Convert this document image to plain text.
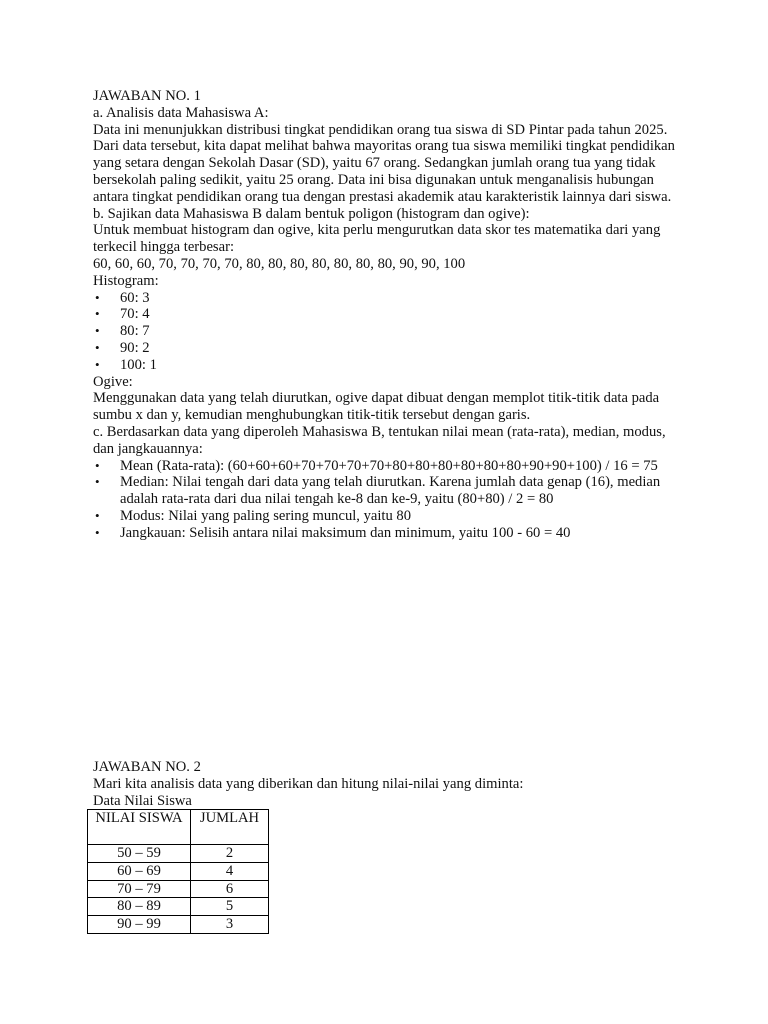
JAWABAN NO. 1

a. Analisis data Mahasiswa A:

Data ini menunjukkan distribusi tingkat pendidikan orang tua siswa di SD Pintar pada tahun 2025. Dari data tersebut, kita dapat melihat bahwa mayoritas orang tua siswa memiliki tingkat pendidikan yang setara dengan Sekolah Dasar (SD), yaitu 67 orang. Sedangkan jumlah orang tua yang tidak bersekolah paling sedikit, yaitu 25 orang. Data ini bisa digunakan untuk menganalisis hubungan antara tingkat pendidikan orang tua dengan prestasi akademik atau karakteristik lainnya dari siswa.

b. Sajikan data Mahasiswa B dalam bentuk poligon (histogram dan ogive):

Untuk membuat histogram dan ogive, kita perlu mengurutkan data skor tes matematika dari yang terkecil hingga terbesar:

60, 60, 60, 70, 70, 70, 70, 80, 80, 80, 80, 80, 80, 80, 90, 90, 100

Histogram:

• 60: 3
• 70: 4
• 80: 7
• 90: 2
• 100: 1

Ogive:

Menggunakan data yang telah diurutkan, ogive dapat dibuat dengan memplot titik-titik data pada sumbu x dan y, kemudian menghubungkan titik-titik tersebut dengan garis.

c. Berdasarkan data yang diperoleh Mahasiswa B, tentukan nilai mean (rata-rata), median, modus, dan jangkauannya:

• Mean (Rata-rata): (60+60+60+70+70+70+70+80+80+80+80+80+80+90+90+100) / 16 = 75
• Median: Nilai tengah dari data yang telah diurutkan. Karena jumlah data genap (16), median adalah rata-rata dari dua nilai tengah ke-8 dan ke-9, yaitu (80+80) / 2 = 80
• Modus: Nilai yang paling sering muncul, yaitu 80
• Jangkauan: Selisih antara nilai maksimum dan minimum, yaitu 100 - 60 = 40

JAWABAN NO. 2

Mari kita analisis data yang diberikan dan hitung nilai-nilai yang diminta:

Data Nilai Siswa

NILAI SISWA	JUMLAH
50 – 59	2
60 – 69	4
70 – 79	6
80 – 89	5
90 – 99	3
